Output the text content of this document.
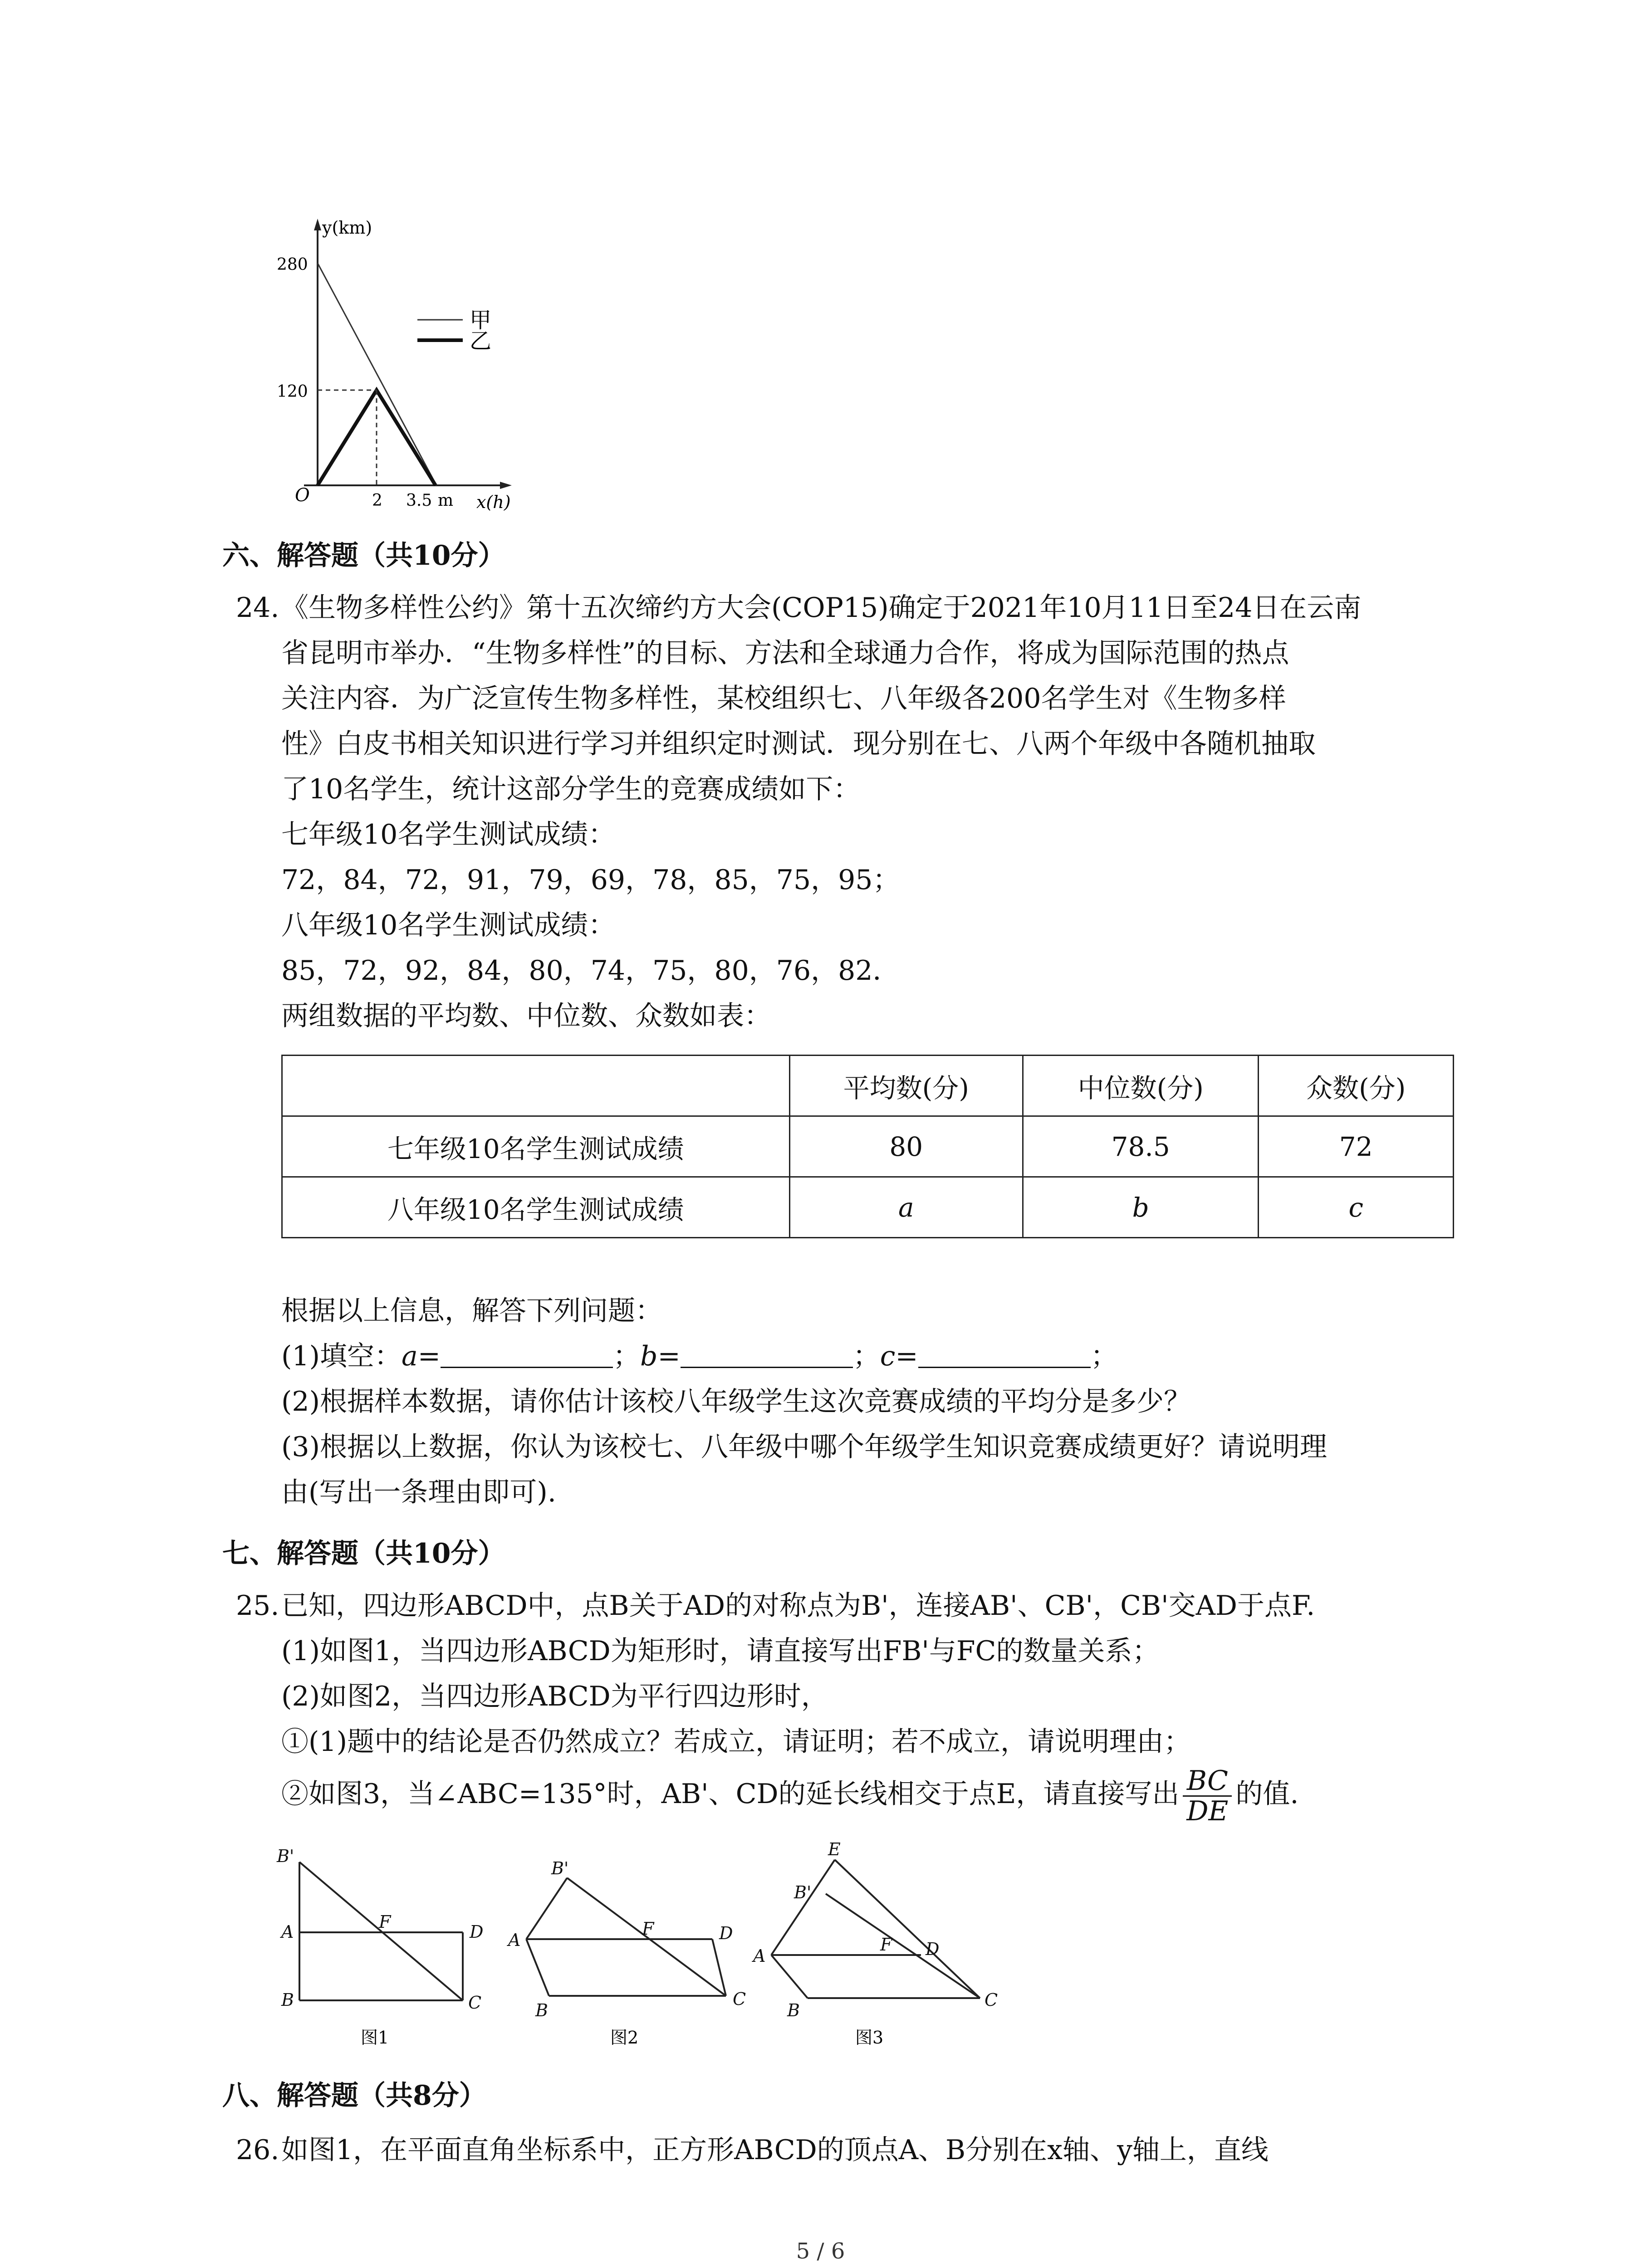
甲
乙
y(km)
x(h)
O
280
120
2 3.5 m
六、解答题（共10分）
24. 《生物多样性公约》第十五次缔约方大会(COP15)确定于2021年10月11日至24日在云南
省昆明市举办．“生物多样性”的目标、方法和全球通力合作，将成为国际范围的热点
关注内容．为广泛宣传生物多样性，某校组织七、八年级各200名学生对《生物多样
性》白皮书相关知识进行学习并组织定时测试．现分别在七、八两个年级中各随机抽取
了10名学生，统计这部分学生的竞赛成绩如下：
七年级10名学生测试成绩：
72，84，72，91，79，69，78，85，75，95；
八年级10名学生测试成绩：
85，72，92，84，80，74，75，80，76，82．
两组数据的平均数、中位数、众数如表：
	平均数(分)	中位数(分)	众数(分)
七年级10名学生测试成绩	80	78.5	72
八年级10名学生测试成绩	a	b	c
根据以上信息，解答下列问题：
(1)填空：a=	；b=	；c=	；
(2)根据样本数据，请你估计该校八年级学生这次竞赛成绩的平均分是多少？
(3)根据以上数据，你认为该校七、八年级中哪个年级学生知识竞赛成绩更好？请说明理
由(写出一条理由即可).
七、解答题（共10分）
25. 已知，四边形ABCD中，点B关于AD的对称点为B'，连接AB'、CB'，CB'交AD于点F.
(1)如图1，当四边形ABCD为矩形时，请直接写出FB'与FC的数量关系；
(2)如图2，当四边形ABCD为平行四边形时，
①(1)题中的结论是否仍然成立？若成立，请证明；若不成立，请说明理由；
②如图3，当∠ABC=135°时，AB'、CD的延长线相交于点E，请直接写出 $\frac{BC}{DE}$ 的值.
B'
A	F	D
B	C
图1
B'
A
F	D
B
C
图2
E
B'
A
F D
B
C
图3
八、解答题（共8分）
26. 如图1，在平面直角坐标系中，正方形ABCD的顶点A、B分别在x轴、y轴上，直线
5 / 6
